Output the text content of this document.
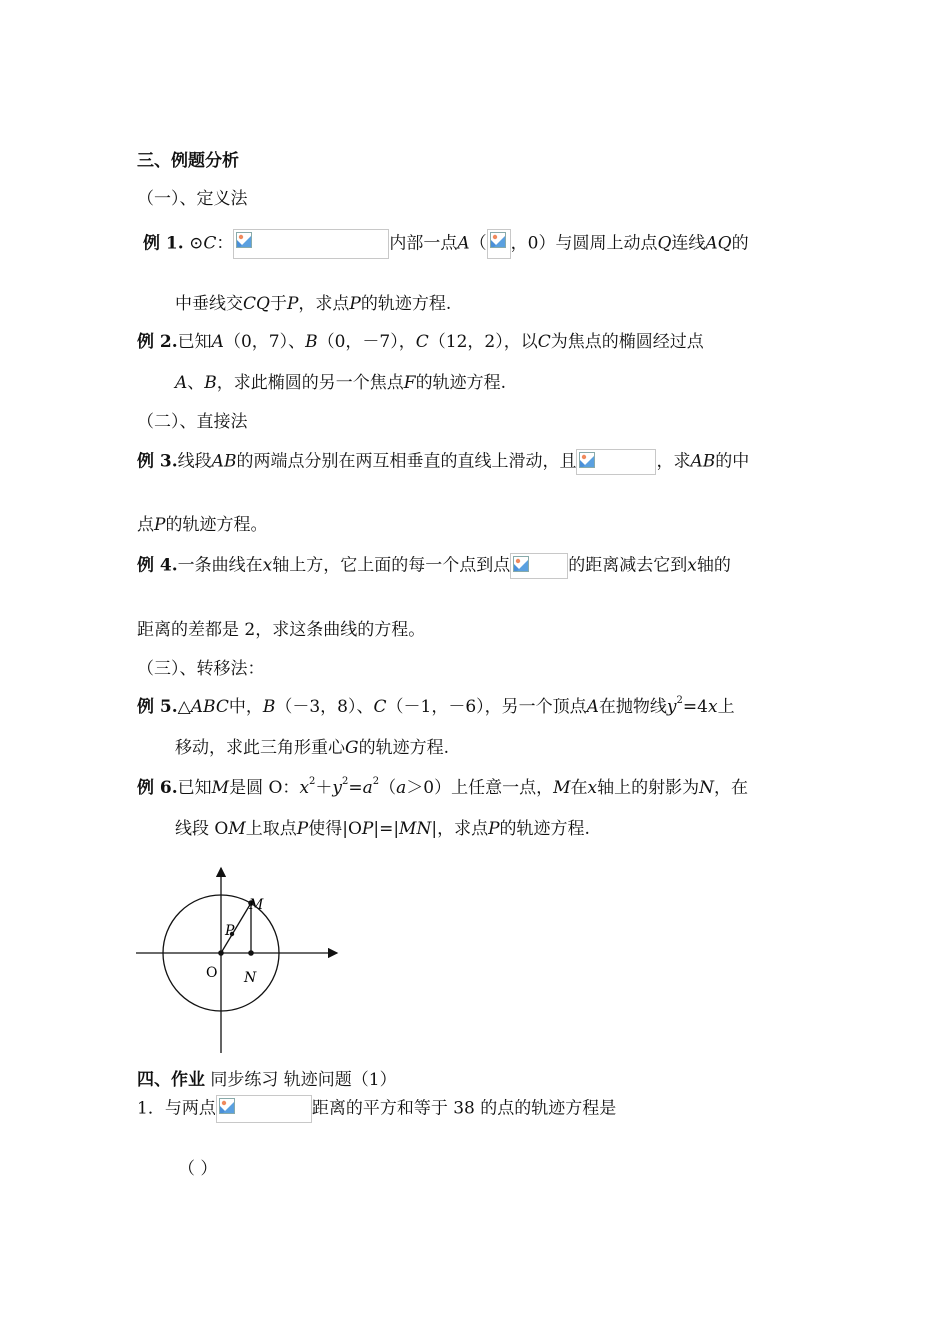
三、例题分析
（一）、定义法
例 1. ⊙C：	内部一点A（ ，0）与圆周上动点Q连线AQ的
中垂线交CQ于P，求点P的轨迹方程.
例 2.已知A（0，7）、B（0，－7），C（12，2），以C为焦点的椭圆经过点
A、B，求此椭圆的另一个焦点F的轨迹方程.
（二）、直接法
例 3.线段AB的两端点分别在两互相垂直的直线上滑动，且	，求AB的中
点P的轨迹方程。
例 4.一条曲线在x轴上方，它上面的每一个点到点	的距离减去它到x轴的
距离的差都是 2，求这条曲线的方程。
（三）、转移法：
例 5.△ABC中，B（－3，8）、C（－1，－6），另一个顶点A在抛物线$y^2=4x$上
移动，求此三角形重心G的轨迹方程.
例 6.已知M是圆 O：$x^2+y^2=a^2(a>0)$上任意一点，M在x轴上的射影为N，在
线段 OM上取点P使得|OP|=|MN|，求点P的轨迹方程.
M
P
O N
四、作业 同步练习 轨迹问题（1）
1．与两点	距离的平方和等于 38 的点的轨迹方程是
（ ）
